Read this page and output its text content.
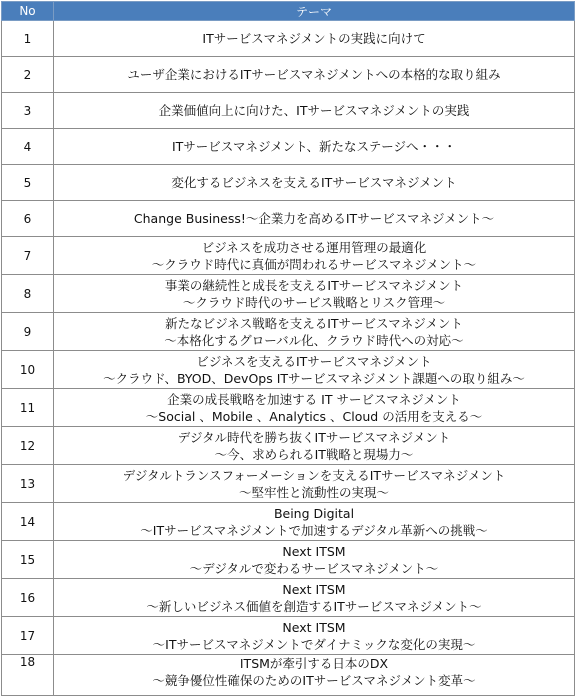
No	テーマ
1	ITサービスマネジメントの実践に向けて

2	ユーザ企業におけるITサービスマネジメントへの本格的な取り組み

3	企業価値向上に向けた、ITサービスマネジメントの実践

4	ITサービスマネジメント、新たなステージへ・・・

5	変化するビジネスを支えるITサービスマネジメント

6	Change Business!～企業力を高めるITサービスマネジメント～

7	ビジネスを成功させる運用管理の最適化
～クラウド時代に真価が問われるサービスマネジメント～

8	事業の継続性と成長を支えるITサービスマネジメント
～クラウド時代のサービス戦略とリスク管理～

9	新たなビジネス戦略を支えるITサービスマネジメント
～本格化するグローバル化、クラウド時代への対応～

10	ビジネスを支えるITサービスマネジメント
～クラウド、BYOD、DevOps ITサービスマネジメント課題への取り組み～

11	企業の成長戦略を加速する IT サービスマネジメント
～Social 、Mobile 、Analytics 、Cloud の活用を支える～

12	デジタル時代を勝ち抜くITサービスマネジメント
～今、求められるIT戦略と現場力～

13	デジタルトランスフォーメーションを支えるITサービスマネジメント
～堅牢性と流動性の実現～

14	Being Digital
～ITサービスマネジメントで加速するデジタル革新への挑戦～

15	Next ITSM
～デジタルで変わるサービスマネジメント～

16	Next ITSM
～新しいビジネス価値を創造するITサービスマネジメント～

17	Next ITSM
～ITサービスマネジメントでダイナミックな変化の実現～

18	ITSMが牽引する日本のDX
～競争優位性確保のためのITサービスマネジメント変革～
